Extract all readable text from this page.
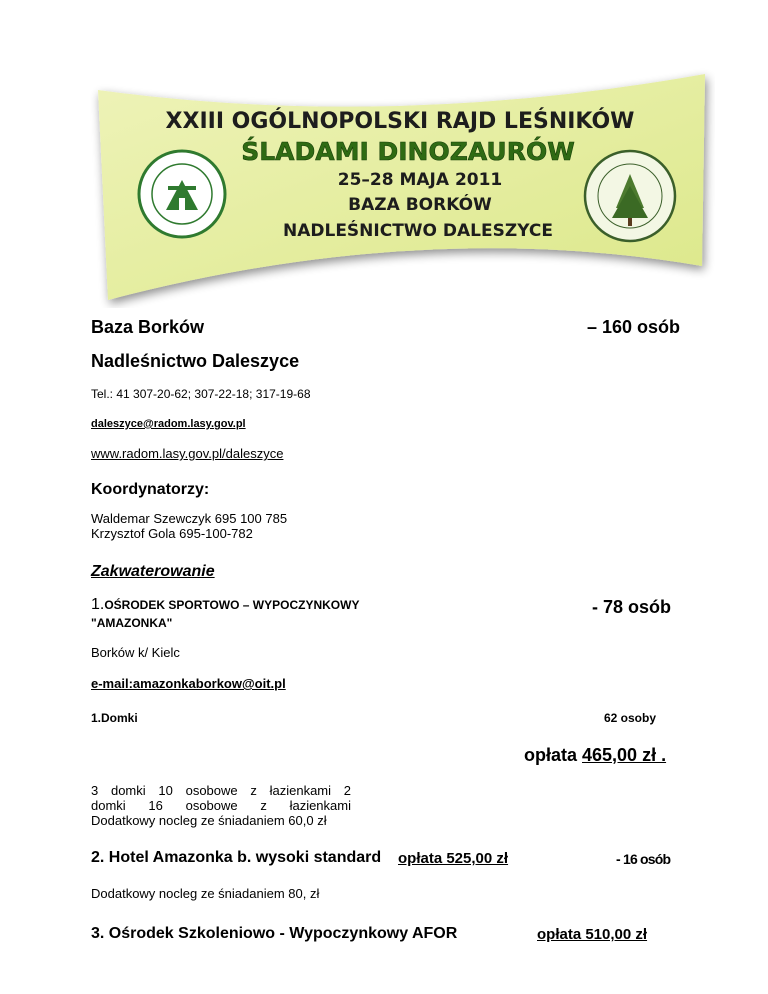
XXIII OGÓLNOPOLSKI RAJD LEŚNIKÓW
ŚLADAMI DINOZAURÓW
25–28 MAJA 2011
BAZA BORKÓW
NADLEŚNICTWO DALESZYCE
Baza Borków	– 160 osób
Nadleśnictwo Daleszyce
Tel.: 41 307-20-62; 307-22-18; 317-19-68
daleszyce@radom.lasy.gov.pl
www.radom.lasy.gov.pl/daleszyce
Koordynatorzy:
Waldemar Szewczyk 695 100 785
Krzysztof Gola 695-100-782
Zakwaterowanie
1.OŚRODEK SPORTOWO – WYPOCZYNKOWY
"AMAZONKA"
- 78 osób
Borków k/ Kielc
e-mail:amazonkaborkow@oit.pl
1.Domki	62 osoby
opłata 465,00 zł .
3 domki 10 osobowe z łazienkami 2
domki 16 osobowe z łazienkami
Dodatkowy nocleg ze śniadaniem 60,0 zł
2. Hotel Amazonka b. wysoki standard opłata 525,00 zł	- 16 osób
Dodatkowy nocleg ze śniadaniem 80, zł
3. Ośrodek Szkoleniowo - Wypoczynkowy AFOR	opłata 510,00 zł
